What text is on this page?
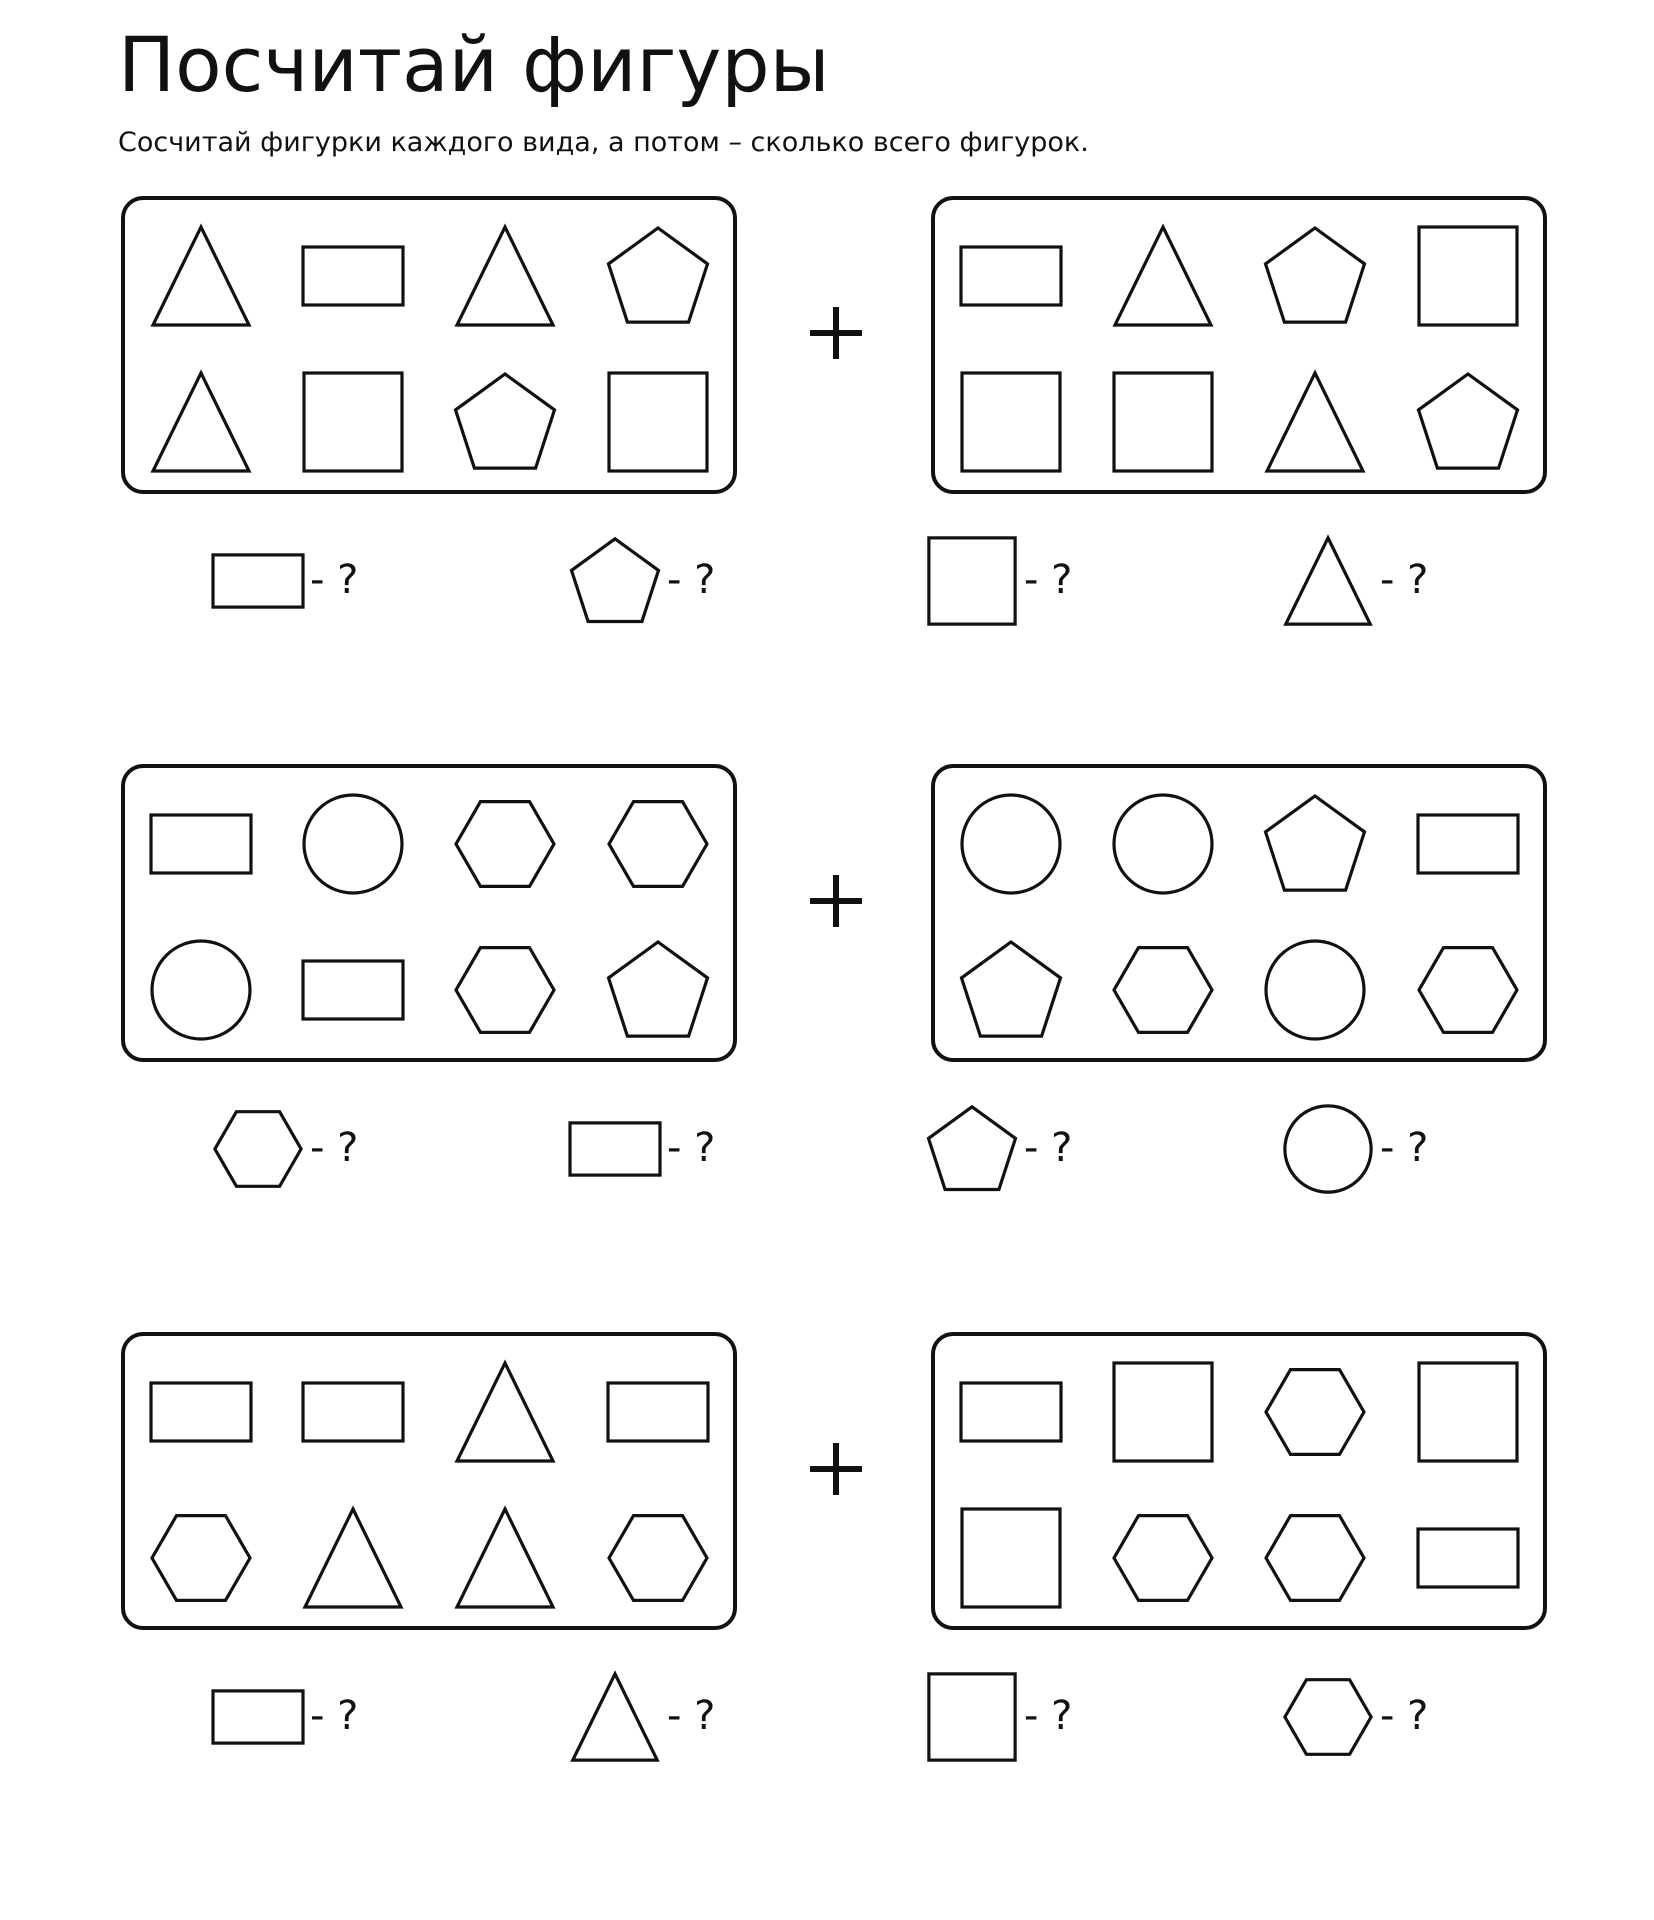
Посчитай фигуры

Сосчитай фигурки каждого вида, а потом – сколько всего фигурок.

- ?	- ?	- ?	- ?
- ?	- ?	- ?	- ?
- ?	- ?	- ?	- ?
